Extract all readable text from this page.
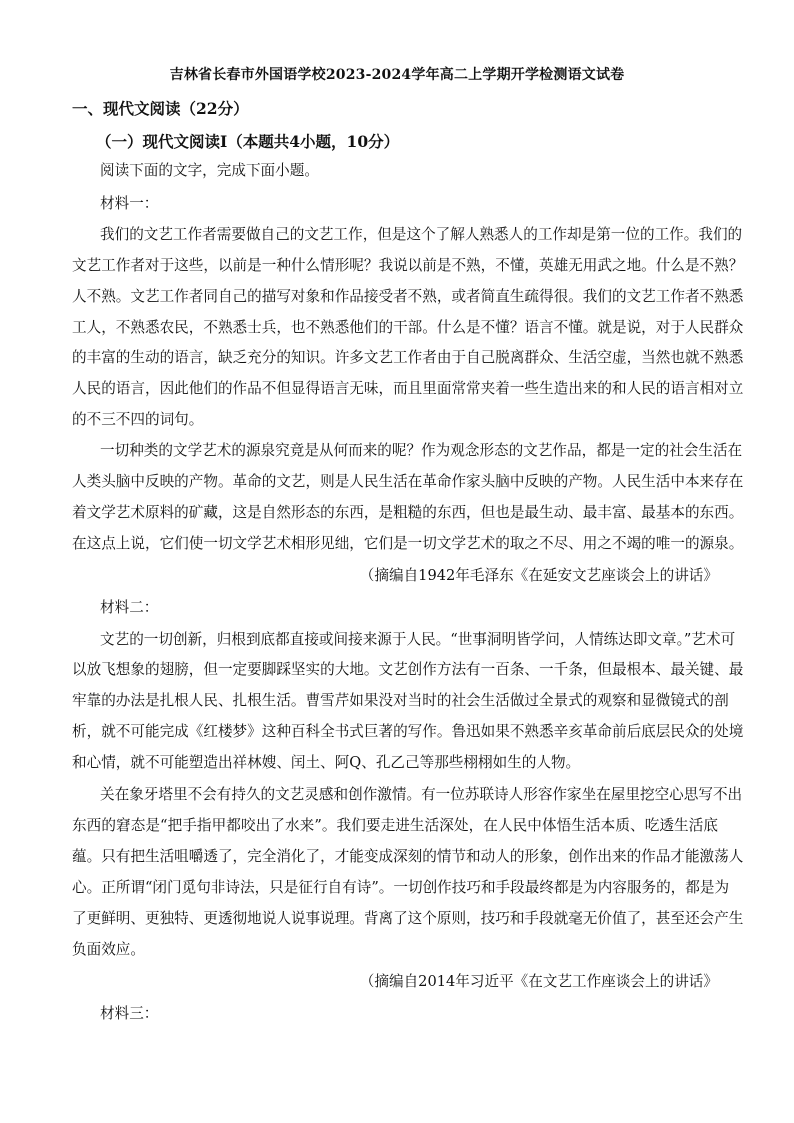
吉林省长春市外国语学校2023-2024学年高二上学期开学检测语文试卷
一、现代文阅读（22分）
（一）现代文阅读Ⅰ（本题共4小题，10分）
阅读下面的文字，完成下面小题。
材料一：
我们的文艺工作者需要做自己的文艺工作，但是这个了解人熟悉人的工作却是第一位的工作。我们的
文艺工作者对于这些，以前是一种什么情形呢？我说以前是不熟，不懂，英雄无用武之地。什么是不熟？
人不熟。文艺工作者同自己的描写对象和作品接受者不熟，或者简直生疏得很。我们的文艺工作者不熟悉
工人，不熟悉农民，不熟悉士兵，也不熟悉他们的干部。什么是不懂？语言不懂。就是说，对于人民群众
的丰富的生动的语言，缺乏充分的知识。许多文艺工作者由于自己脱离群众、生活空虚，当然也就不熟悉
人民的语言，因此他们的作品不但显得语言无味，而且里面常常夹着一些生造出来的和人民的语言相对立
的不三不四的词句。
一切种类的文学艺术的源泉究竟是从何而来的呢？作为观念形态的文艺作品，都是一定的社会生活在
人类头脑中反映的产物。革命的文艺，则是人民生活在革命作家头脑中反映的产物。人民生活中本来存在
着文学艺术原料的矿藏，这是自然形态的东西，是粗糙的东西，但也是最生动、最丰富、最基本的东西。
在这点上说，它们使一切文学艺术相形见绌，它们是一切文学艺术的取之不尽、用之不竭的唯一的源泉。
（摘编自1942年毛泽东《在延安文艺座谈会上的讲话》
材料二：
文艺的一切创新，归根到底都直接或间接来源于人民。“世事洞明皆学问，人情练达即文章。”艺术可
以放飞想象的翅膀，但一定要脚踩坚实的大地。文艺创作方法有一百条、一千条，但最根本、最关键、最
牢靠的办法是扎根人民、扎根生活。曹雪芹如果没对当时的社会生活做过全景式的观察和显微镜式的剖
析，就不可能完成《红楼梦》这种百科全书式巨著的写作。鲁迅如果不熟悉辛亥革命前后底层民众的处境
和心情，就不可能塑造出祥林嫂、闰土、阿Q、孔乙己等那些栩栩如生的人物。
关在象牙塔里不会有持久的文艺灵感和创作激情。有一位苏联诗人形容作家坐在屋里挖空心思写不出
东西的窘态是“把手指甲都咬出了水来”。我们要走进生活深处，在人民中体悟生活本质、吃透生活底
蕴。只有把生活咀嚼透了，完全消化了，才能变成深刻的情节和动人的形象，创作出来的作品才能激荡人
心。正所谓“闭门觅句非诗法，只是征行自有诗”。一切创作技巧和手段最终都是为内容服务的，都是为
了更鲜明、更独特、更透彻地说人说事说理。背离了这个原则，技巧和手段就毫无价值了，甚至还会产生
负面效应。
（摘编自2014年习近平《在文艺工作座谈会上的讲话》
材料三：
